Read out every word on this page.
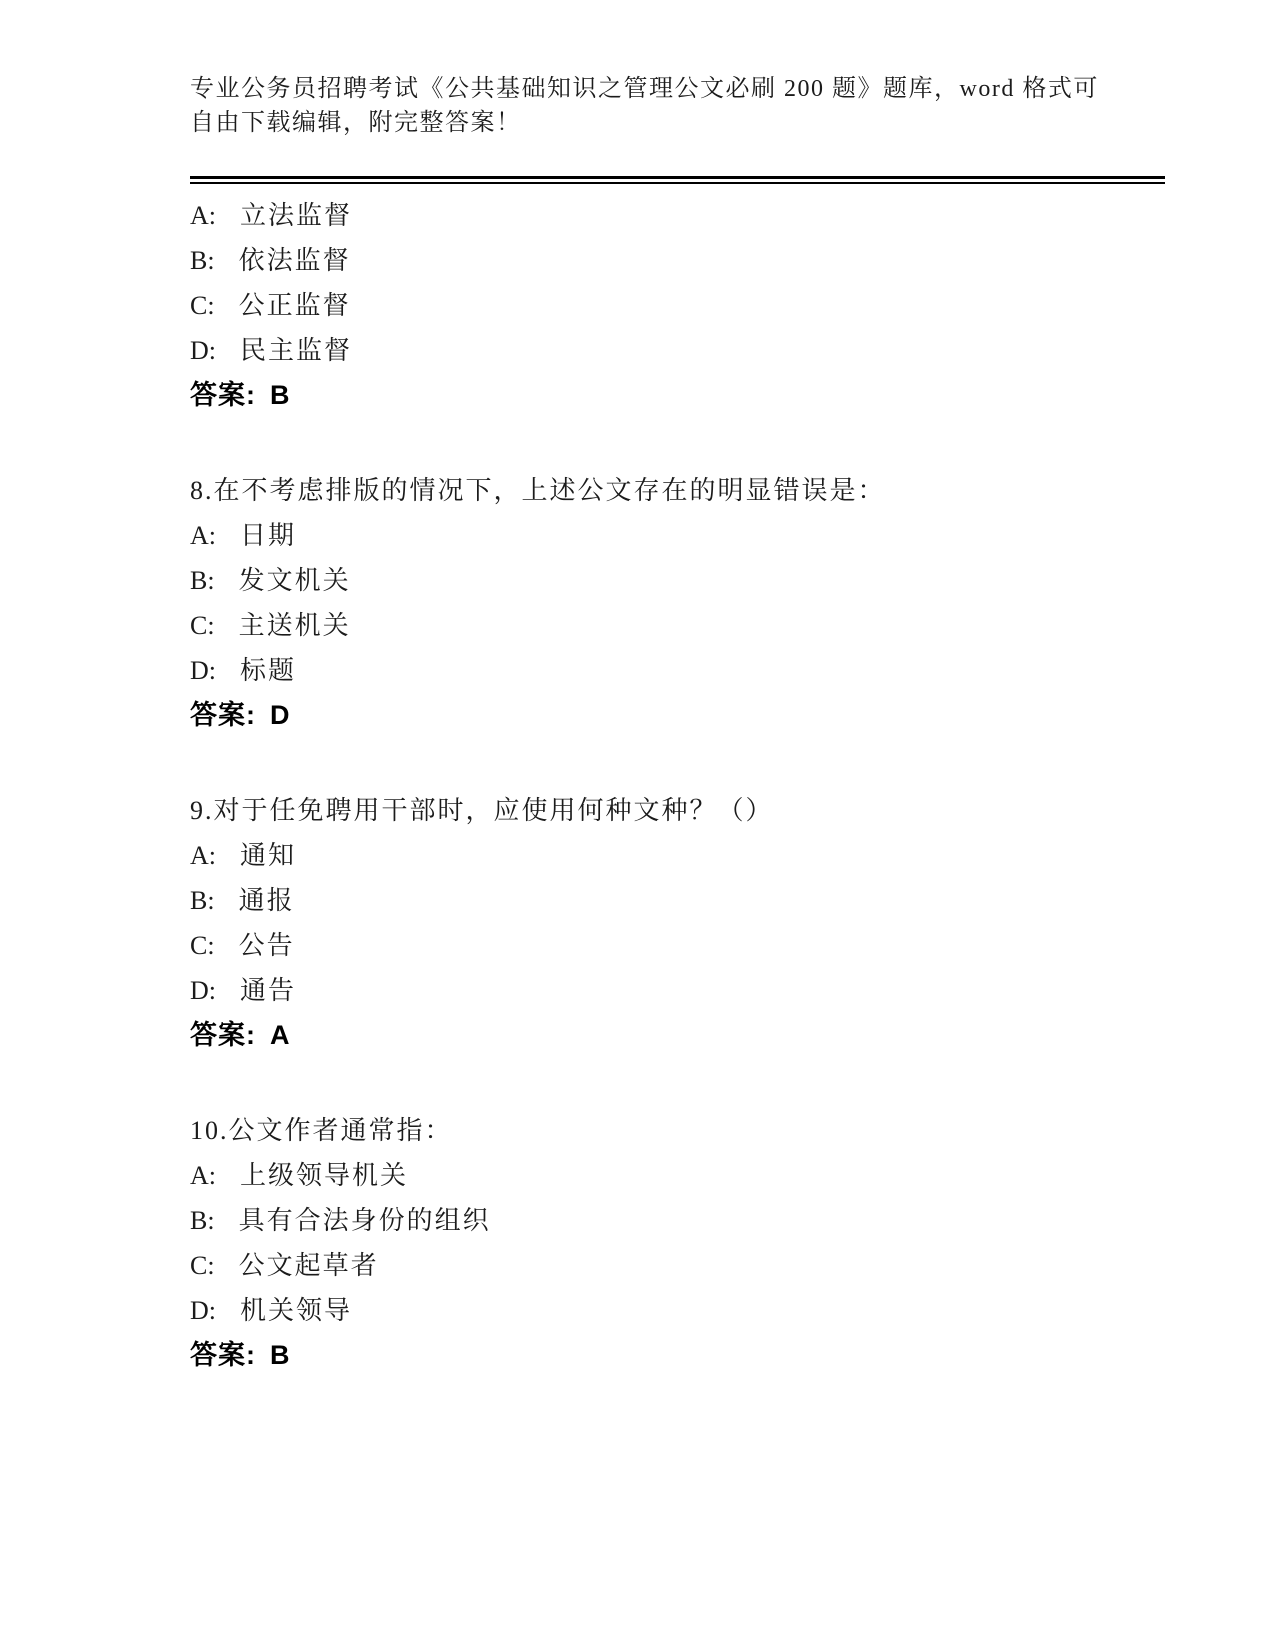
专业公务员招聘考试《公共基础知识之管理公文必刷 200 题》题库，word 格式可
自由下载编辑，附完整答案！
A: 立法监督
B: 依法监督
C: 公正监督
D: 民主监督
答案: B
8.在不考虑排版的情况下，上述公文存在的明显错误是：
A: 日期
B: 发文机关
C: 主送机关
D: 标题
答案: D
9.对于任免聘用干部时，应使用何种文种？（）
A: 通知
B: 通报
C: 公告
D: 通告
答案: A
10.公文作者通常指：
A: 上级领导机关
B: 具有合法身份的组织
C: 公文起草者
D: 机关领导
答案: B
